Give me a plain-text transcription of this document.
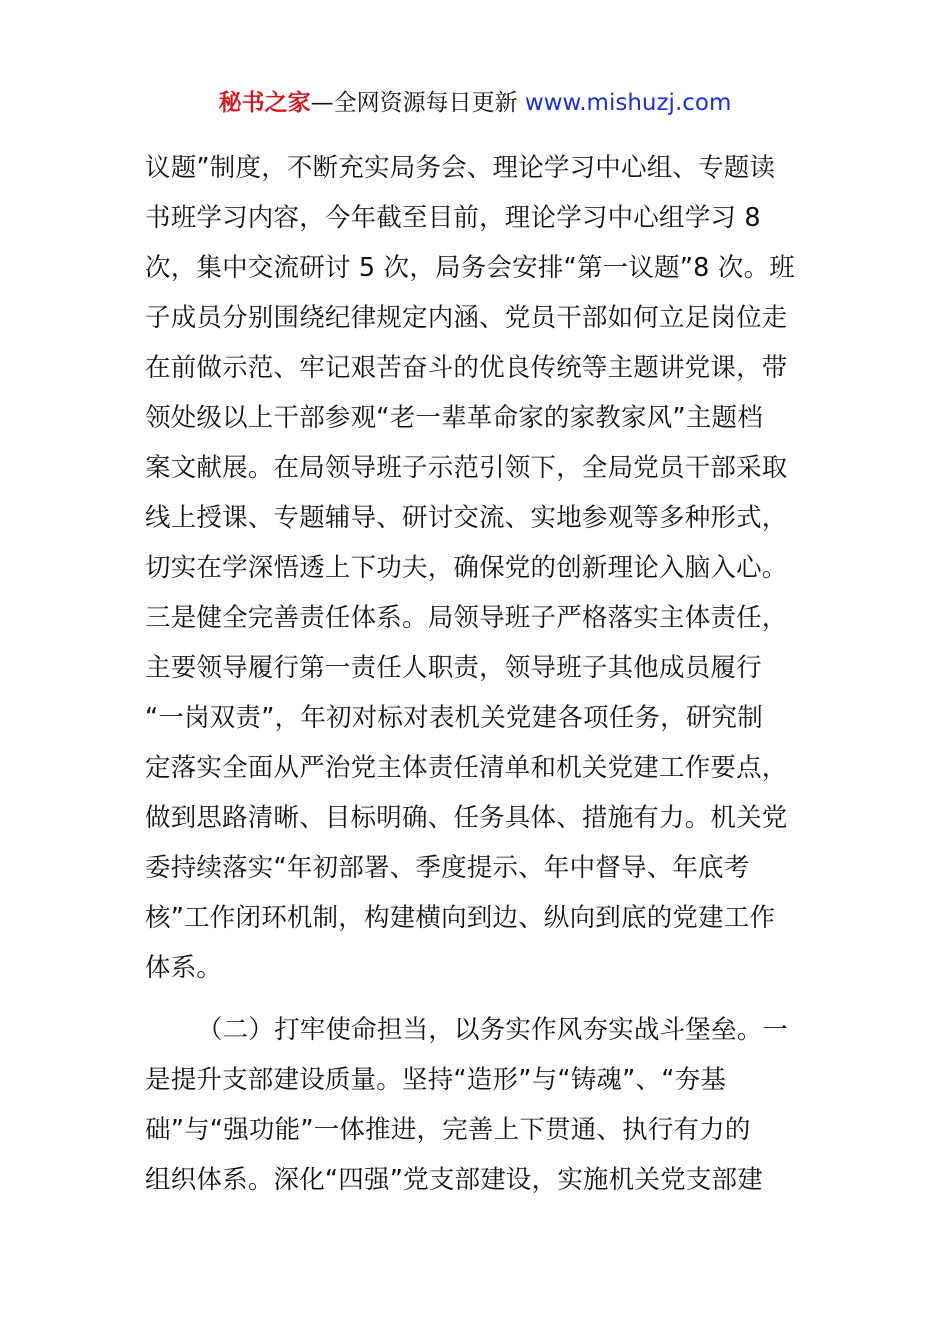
秘书之家—全网资源每日更新 www.mishuzj.com
议题”制度，不断充实局务会、理论学习中心组、专题读
书班学习内容，今年截至目前，理论学习中心组学习 8
次，集中交流研讨 5 次，局务会安排“第一议题”8 次。班
子成员分别围绕纪律规定内涵、党员干部如何立足岗位走
在前做示范、牢记艰苦奋斗的优良传统等主题讲党课，带
领处级以上干部参观“老一辈革命家的家教家风”主题档
案文献展。在局领导班子示范引领下，全局党员干部采取
线上授课、专题辅导、研讨交流、实地参观等多种形式，
切实在学深悟透上下功夫，确保党的创新理论入脑入心。
三是健全完善责任体系。局领导班子严格落实主体责任，
主要领导履行第一责任人职责，领导班子其他成员履行
“一岗双责”，年初对标对表机关党建各项任务，研究制
定落实全面从严治党主体责任清单和机关党建工作要点，
做到思路清晰、目标明确、任务具体、措施有力。机关党
委持续落实“年初部署、季度提示、年中督导、年底考
核”工作闭环机制，构建横向到边、纵向到底的党建工作
体系。
（二）打牢使命担当，以务实作风夯实战斗堡垒。一
是提升支部建设质量。坚持“造形”与“铸魂”、“夯基
础”与“强功能”一体推进，完善上下贯通、执行有力的
组织体系。深化“四强”党支部建设，实施机关党支部建
